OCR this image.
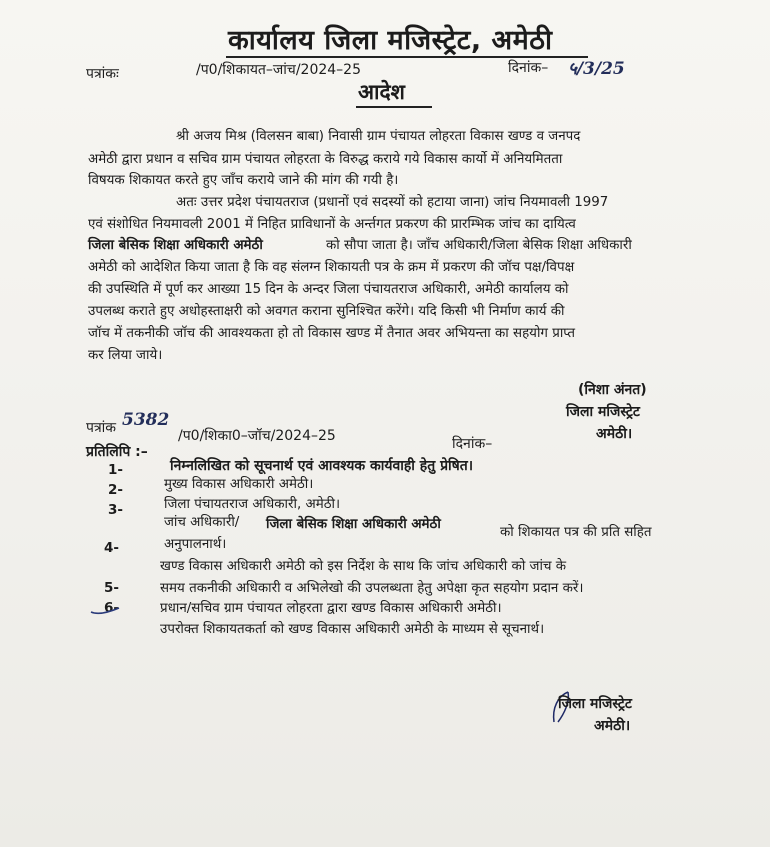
कार्यालय जिला मजिस्ट्रेट, अमेठी
पत्रांकः	/प0/शिकायत–जांच/2024–25	दिनांक– ५/3/25
आदेश
श्री अजय मिश्र (विलसन बाबा) निवासी ग्राम पंचायत लोहरता विकास खण्ड व जनपद
अमेठी द्वारा प्रधान व सचिव ग्राम पंचायत लोहरता के विरुद्ध कराये गये विकास कार्यो में अनियमितता
विषयक शिकायत करते हुए जाँच कराये जाने की मांग की गयी है।
अतः उत्तर प्रदेश पंचायतराज (प्रधानों एवं सदस्यों को हटाया जाना) जांच नियमावली 1997
एवं संशोधित नियमावली 2001 में निहित प्राविधानों के अर्न्तगत प्रकरण की प्रारम्भिक जांच का दायित्व
जिला बेसिक शिक्षा अधिकारी अमेठी	को सौपा जाता है। जाँच अधिकारी/जिला बेसिक शिक्षा अधिकारी
अमेठी को आदेशित किया जाता है कि वह संलग्न शिकायती पत्र के क्रम में प्रकरण की जॉच पक्ष/विपक्ष
की उपस्थिति में पूर्ण कर आख्या 15 दिन के अन्दर जिला पंचायतराज अधिकारी, अमेठी कार्यालय को
उपलब्ध कराते हुए अधोहस्ताक्षरी को अवगत कराना सुनिश्चित करेंगे। यदि किसी भी निर्माण कार्य की
जॉच में तकनीकी जॉच की आवश्यकता हो तो विकास खण्ड में तैनात अवर अभियन्ता का सहयोग प्राप्त
कर लिया जाये।
(निशा अंनत)
जिला मजिस्ट्रेट
अमेठी।
पत्रांक 5382
/प0/शिका0–जॉच/2024–25	दिनांक–
प्रतिलिपि :–
निम्नलिखित को सूचनार्थ एवं आवश्यक कार्यवाही हेतु प्रेषित।
1-
मुख्य विकास अधिकारी अमेठी।
2-
जिला पंचायतराज अधिकारी, अमेठी।
3-
जांच अधिकारी/ जिला बेसिक शिक्षा अधिकारी अमेठी
को शिकायत पत्र की प्रति सहित
अनुपालनार्थ।
4-
खण्ड विकास अधिकारी अमेठी को इस निर्देश के साथ कि जांच अधिकारी को जांच के
समय तकनीकी अधिकारी व अभिलेखो की उपलब्धता हेतु अपेक्षा कृत सहयोग प्रदान करें।
5-
प्रधान/सचिव ग्राम पंचायत लोहरता द्वारा खण्ड विकास अधिकारी अमेठी।
6-
उपरोक्त शिकायतकर्ता को खण्ड विकास अधिकारी अमेठी के माध्यम से सूचनार्थ।
जिला मजिस्ट्रेट
अमेठी।
